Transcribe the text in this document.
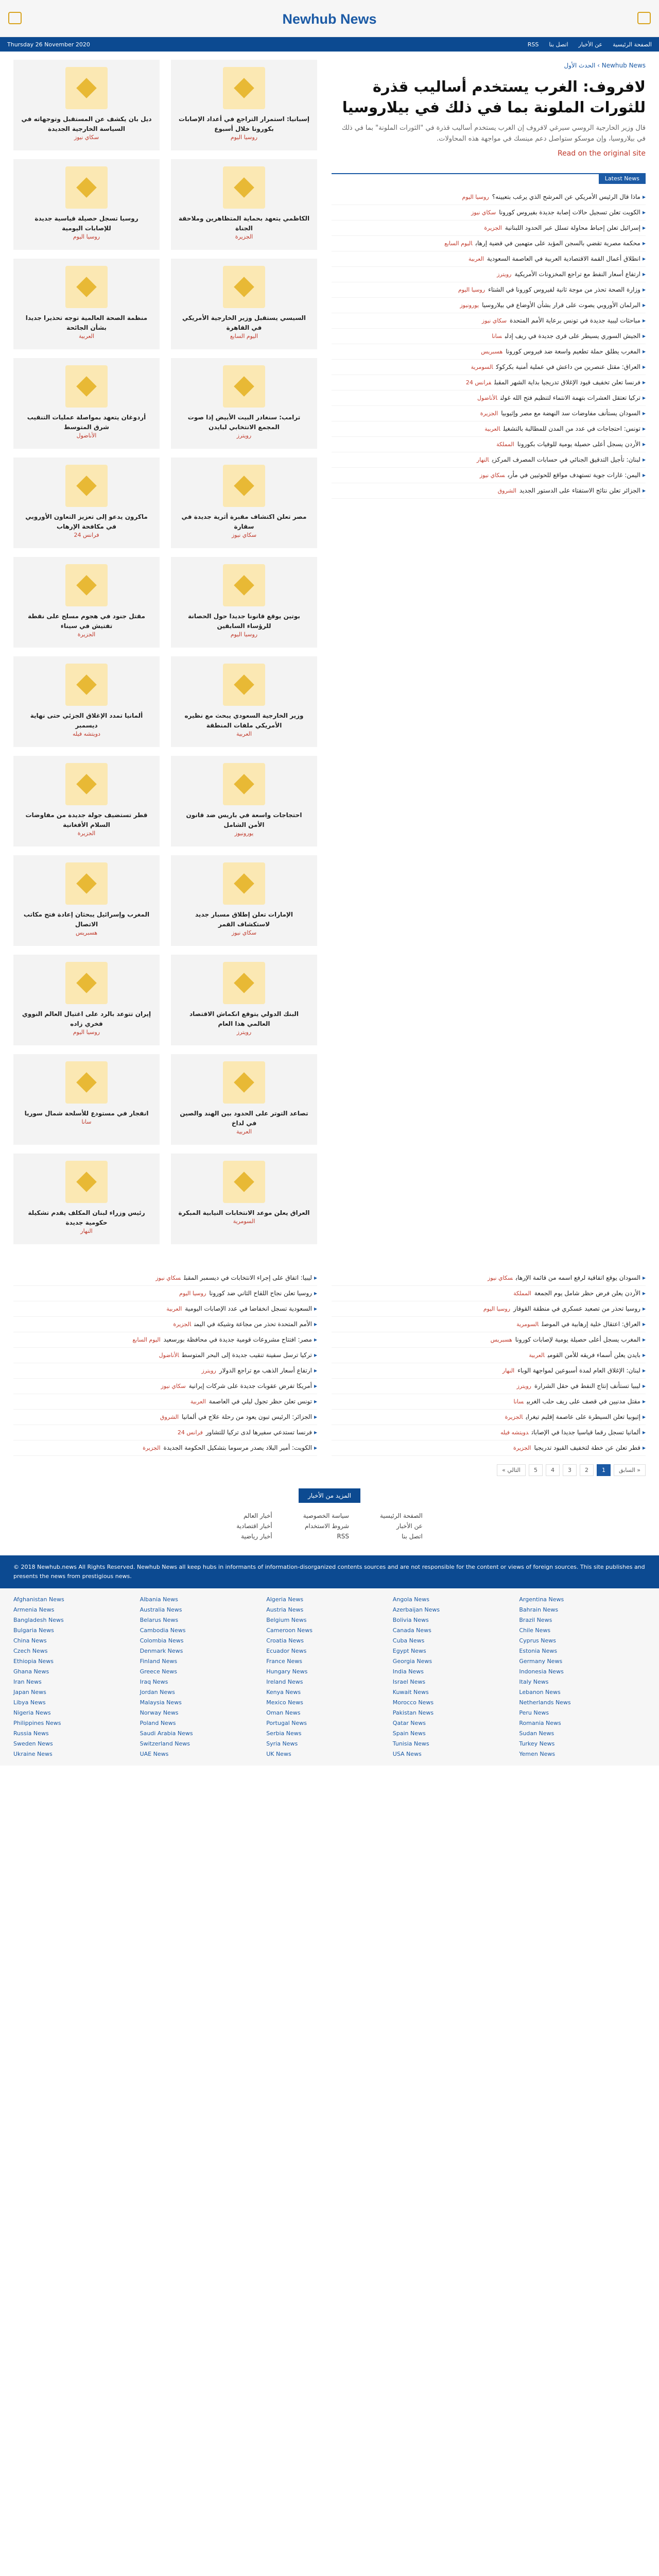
Newhub News
Thursday 26 November 2020	الصفحة الرئيسية
عن الأخبار
اتصل بنا
RSS

إسبانيا: استمرار التراجع في أعداد الإصابات بكورونا خلال أسبوع

روسيا اليوم

ديل بان يكشف عن المستقبل وتوجهاته في السياسة الخارجية الجديدة

سكاي نيوز

الكاظمي يتعهد بحماية المتظاهرين وملاحقة الجناة

الجزيرة

روسيا تسجل حصيلة قياسية جديدة للإصابات اليومية

روسيا اليوم

السيسي يستقبل وزير الخارجية الأمريكي في القاهرة

اليوم السابع

منظمة الصحة العالمية توجه تحذيرا جديدا بشأن الجائحة

العربية

ترامب: سنغادر البيت الأبيض إذا صوت المجمع الانتخابي لبايدن

رويترز

أردوغان يتعهد بمواصلة عمليات التنقيب شرق المتوسط

الأناضول

مصر تعلن اكتشاف مقبرة أثرية جديدة في سقارة

سكاي نيوز

ماكرون يدعو إلى تعزيز التعاون الأوروبي في مكافحة الإرهاب

فرانس 24

بوتين يوقع قانونا جديدا حول الحصانة للرؤساء السابقين

روسيا اليوم

مقتل جنود في هجوم مسلح على نقطة تفتيش في سيناء

الجزيرة

وزير الخارجية السعودي يبحث مع نظيره الأمريكي ملفات المنطقة

العربية

ألمانيا تمدد الإغلاق الجزئي حتى نهاية ديسمبر

دويتشه فيله

احتجاجات واسعة في باريس ضد قانون الأمن الشامل

يورونيوز

قطر تستضيف جولة جديدة من مفاوضات السلام الأفغانية

الجزيرة

الإمارات تعلن إطلاق مسبار جديد لاستكشاف القمر

سكاي نيوز

المغرب وإسرائيل يبحثان إعادة فتح مكاتب الاتصال

هسبريس

البنك الدولي يتوقع انكماش الاقتصاد العالمي هذا العام

رويترز

إيران تتوعد بالرد على اغتيال العالم النووي فخري زاده

روسيا اليوم

تصاعد التوتر على الحدود بين الهند والصين في لداخ

العربية

انفجار في مستودع للأسلحة شمال سوريا

سانا

العراق يعلن موعد الانتخابات النيابية المبكرة

السومرية

رئيس وزراء لبنان المكلف يقدم تشكيلة حكومية جديدة

النهار
Newhub News › الحدث الأول
لافروف: الغرب يستخدم أساليب قذرة للثورات الملونة بما في ذلك في بيلاروسيا

قال وزير الخارجية الروسي سيرغي لافروف إن الغرب يستخدم أساليب قذرة في "الثورات الملونة" بما في ذلك في بيلاروسيا، وإن موسكو ستواصل دعم مينسك في مواجهة هذه المحاولات.

Read on the original site
Latest News
▸ماذا قال الرئيس الأمريكي عن المرشح الذي يرغب بتعيينه؟روسيا اليوم
▸الكويت تعلن تسجيل حالات إصابة جديدة بفيروس كوروناسكاي نيوز
▸إسرائيل تعلن إحباط محاولة تسلل عبر الحدود اللبنانيةالجزيرة
▸محكمة مصرية تقضي بالسجن المؤبد على متهمين في قضية إرهاباليوم السابع
▸انطلاق أعمال القمة الاقتصادية العربية في العاصمة السعوديةالعربية
▸ارتفاع أسعار النفط مع تراجع المخزونات الأمريكيةرويترز
▸وزارة الصحة تحذر من موجة ثانية لفيروس كورونا في الشتاءروسيا اليوم
▸البرلمان الأوروبي يصوت على قرار بشأن الأوضاع في بيلاروسيايورونيوز
▸مباحثات ليبية جديدة في تونس برعاية الأمم المتحدةسكاي نيوز
▸الجيش السوري يسيطر على قرى جديدة في ريف إدلبسانا
▸المغرب يطلق حملة تطعيم واسعة ضد فيروس كوروناهسبريس
▸العراق: مقتل عنصرين من داعش في عملية أمنية بكركوكالسومرية
▸فرنسا تعلن تخفيف قيود الإغلاق تدريجيا بداية الشهر المقبلفرانس 24
▸تركيا تعتقل العشرات بتهمة الانتماء لتنظيم فتح الله غولنالأناضول
▸السودان يستأنف مفاوضات سد النهضة مع مصر وإثيوبياالجزيرة
▸تونس: احتجاجات في عدد من المدن للمطالبة بالتشغيلالعربية
▸الأردن يسجل أعلى حصيلة يومية للوفيات بكوروناالمملكة
▸لبنان: تأجيل التدقيق الجنائي في حسابات المصرف المركزيالنهار
▸اليمن: غارات جوية تستهدف مواقع للحوثيين في مأربسكاي نيوز
▸الجزائر تعلن نتائج الاستفتاء على الدستور الجديدالشروق
▸ليبيا: اتفاق على إجراء الانتخابات في ديسمبر المقبلسكاي نيوز
▸روسيا تعلن نجاح اللقاح الثاني ضد كوروناروسيا اليوم
▸السعودية تسجل انخفاضا في عدد الإصابات اليوميةالعربية
▸الأمم المتحدة تحذر من مجاعة وشيكة في اليمنالجزيرة
▸مصر: افتتاح مشروعات قومية جديدة في محافظة بورسعيداليوم السابع
▸تركيا ترسل سفينة تنقيب جديدة إلى البحر المتوسطالأناضول
▸ارتفاع أسعار الذهب مع تراجع الدولاررويترز
▸أمريكا تفرض عقوبات جديدة على شركات إيرانيةسكاي نيوز
▸تونس تعلن حظر تجول ليلي في العاصمةالعربية
▸الجزائر: الرئيس تبون يعود من رحلة علاج في ألمانياالشروق
▸فرنسا تستدعي سفيرها لدى تركيا للتشاورفرانس 24
▸الكويت: أمير البلاد يصدر مرسوما بتشكيل الحكومة الجديدةالجزيرة
▸السودان يوقع اتفاقية لرفع اسمه من قائمة الإرهابسكاي نيوز
▸الأردن يعلن فرض حظر شامل يوم الجمعةالمملكة
▸روسيا تحذر من تصعيد عسكري في منطقة القوقازروسيا اليوم
▸العراق: اعتقال خلية إرهابية في الموصلالسومرية
▸المغرب يسجل أعلى حصيلة يومية لإصابات كوروناهسبريس
▸بايدن يعلن أسماء فريقه للأمن القوميالعربية
▸لبنان: الإغلاق العام لمدة أسبوعين لمواجهة الوباءالنهار
▸ليبيا تستأنف إنتاج النفط في حقل الشرارةرويترز
▸مقتل مدنيين في قصف على ريف حلب الغربيسانا
▸إثيوبيا تعلن السيطرة على عاصمة إقليم تيغرايالجزيرة
▸ألمانيا تسجل رقما قياسيا جديدا في الإصاباتدويتشه فيله
▸قطر تعلن عن خطة لتخفيف القيود تدريجياالجزيرة
« السابق
1
2
3
4
5
التالي »
المزيد من الأخبار
الصفحة الرئيسية
عن الأخبار
اتصل بنا
سياسة الخصوصية
شروط الاستخدام
RSS
أخبار العالم
أخبار اقتصادية
أخبار رياضية
© 2018 Newhub.news All Rights Reserved. Newhub News all keep hubs in informants of information-disorganized contents sources and are not responsible for the content or views of foreign sources. This site publishes and presents the news from prestigious news.
Afghanistan News	Albania News	Algeria News	Angola News	Argentina News
Armenia News	Australia News	Austria News	Azerbaijan News	Bahrain News
Bangladesh News	Belarus News	Belgium News	Bolivia News	Brazil News
Bulgaria News	Cambodia News	Cameroon News	Canada News	Chile News
China News	Colombia News	Croatia News	Cuba News	Cyprus News
Czech News	Denmark News	Ecuador News	Egypt News	Estonia News
Ethiopia News	Finland News	France News	Georgia News	Germany News
Ghana News	Greece News	Hungary News	India News	Indonesia News
Iran News	Iraq News	Ireland News	Israel News	Italy News
Japan News	Jordan News	Kenya News	Kuwait News	Lebanon News
Libya News	Malaysia News	Mexico News	Morocco News	Netherlands News
Nigeria News	Norway News	Oman News	Pakistan News	Peru News
Philippines News	Poland News	Portugal News	Qatar News	Romania News
Russia News	Saudi Arabia News	Serbia News	Spain News	Sudan News
Sweden News	Switzerland News	Syria News	Tunisia News	Turkey News
Ukraine News	UAE News	UK News	USA News	Yemen News
